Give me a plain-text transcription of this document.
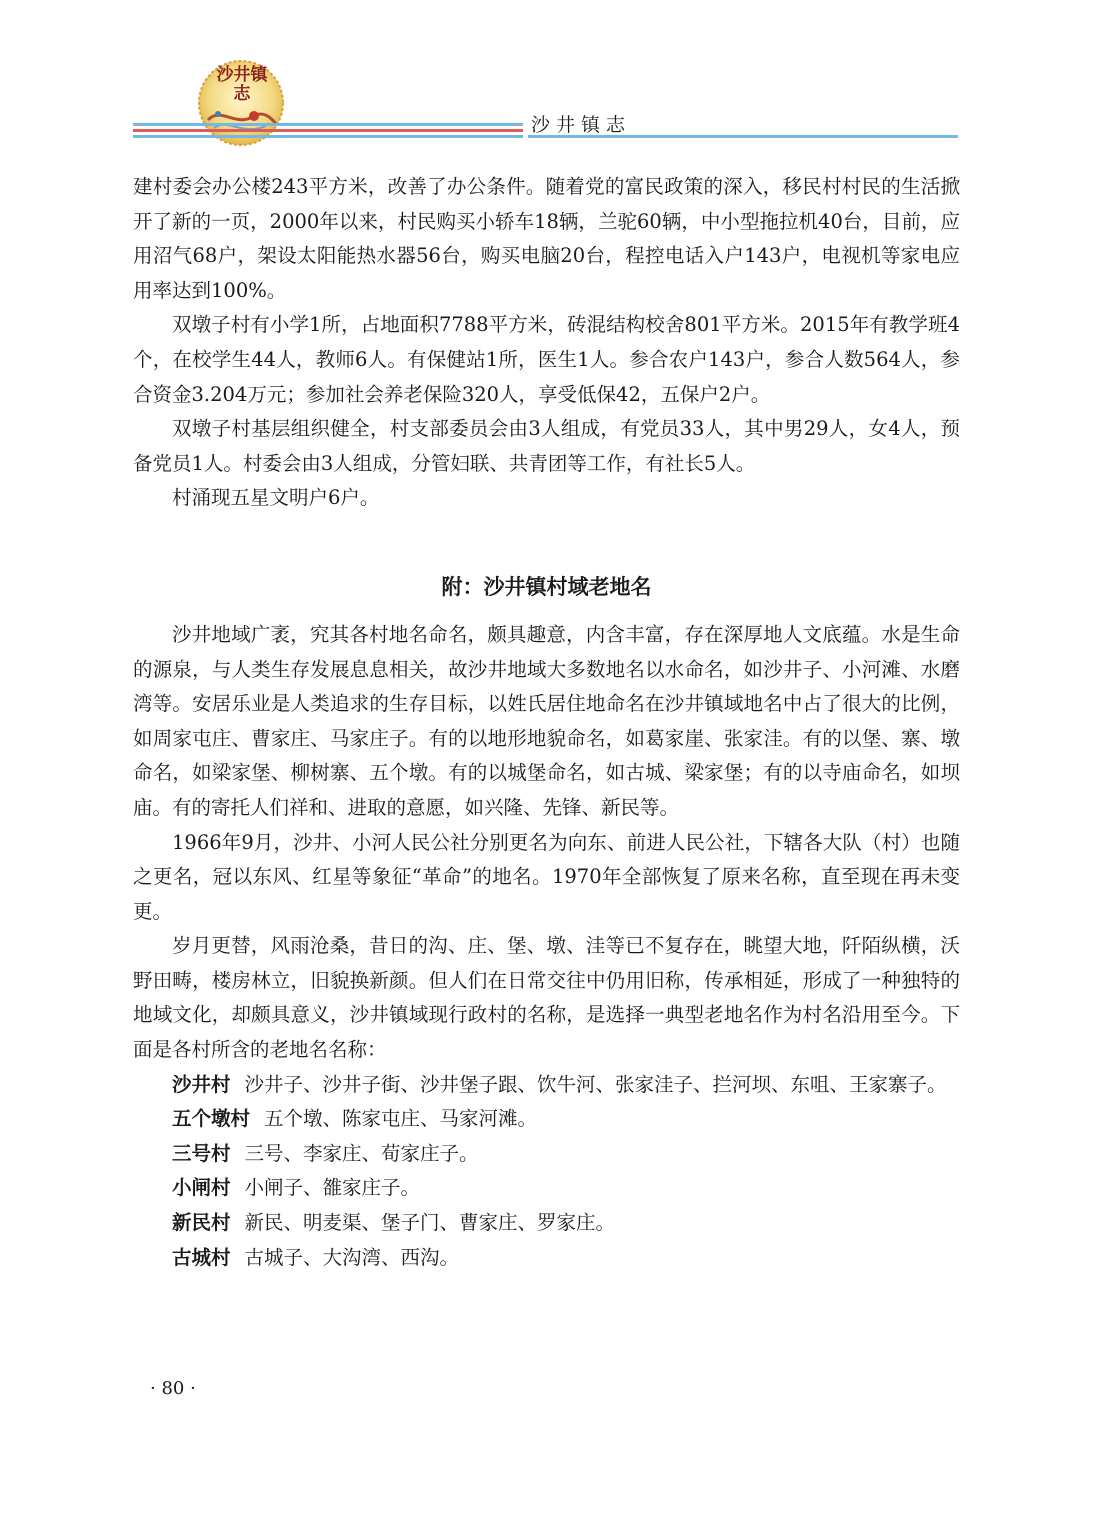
沙井镇志
沙井镇志

建村委会办公楼243平方米，改善了办公条件。随着党的富民政策的深入，移民村村民的生活掀开了新的一页，2000年以来，村民购买小轿车18辆，兰驼60辆，中小型拖拉机40台，目前，应用沼气68户，架设太阳能热水器56台，购买电脑20台，程控电话入户143户，电视机等家电应用率达到100%。

双墩子村有小学1所，占地面积7788平方米，砖混结构校舍801平方米。2015年有教学班4个，在校学生44人，教师6人。有保健站1所，医生1人。参合农户143户，参合人数564人，参合资金3.204万元；参加社会养老保险320人，享受低保42，五保户2户。

双墩子村基层组织健全，村支部委员会由3人组成，有党员33人，其中男29人，女4人，预备党员1人。村委会由3人组成，分管妇联、共青团等工作，有社长5人。

村涌现五星文明户6户。

附：沙井镇村域老地名

沙井地域广袤，究其各村地名命名，颇具趣意，内含丰富，存在深厚地人文底蕴。水是生命的源泉，与人类生存发展息息相关，故沙井地域大多数地名以水命名，如沙井子、小河滩、水磨湾等。安居乐业是人类追求的生存目标，以姓氏居住地命名在沙井镇域地名中占了很大的比例，如周家屯庄、曹家庄、马家庄子。有的以地形地貌命名，如葛家崖、张家洼。有的以堡、寨、墩命名，如梁家堡、柳树寨、五个墩。有的以城堡命名，如古城、梁家堡；有的以寺庙命名，如坝庙。有的寄托人们祥和、进取的意愿，如兴隆、先锋、新民等。

1966年9月，沙井、小河人民公社分别更名为向东、前进人民公社，下辖各大队（村）也随之更名，冠以东风、红星等象征“革命”的地名。1970年全部恢复了原来名称，直至现在再未变更。

岁月更替，风雨沧桑，昔日的沟、庄、堡、墩、洼等已不复存在，眺望大地，阡陌纵横，沃野田畴，楼房林立，旧貌换新颜。但人们在日常交往中仍用旧称，传承相延，形成了一种独特的地域文化，却颇具意义，沙井镇域现行政村的名称，是选择一典型老地名作为村名沿用至今。下面是各村所含的老地名名称：

沙井村 沙井子、沙井子街、沙井堡子跟、饮牛河、张家洼子、拦河坝、东咀、王家寨子。

五个墩村 五个墩、陈家屯庄、马家河滩。

三号村 三号、李家庄、荀家庄子。

小闸村 小闸子、雒家庄子。

新民村 新民、明麦渠、堡子门、曹家庄、罗家庄。

古城村 古城子、大沟湾、西沟。

· 80 ·
